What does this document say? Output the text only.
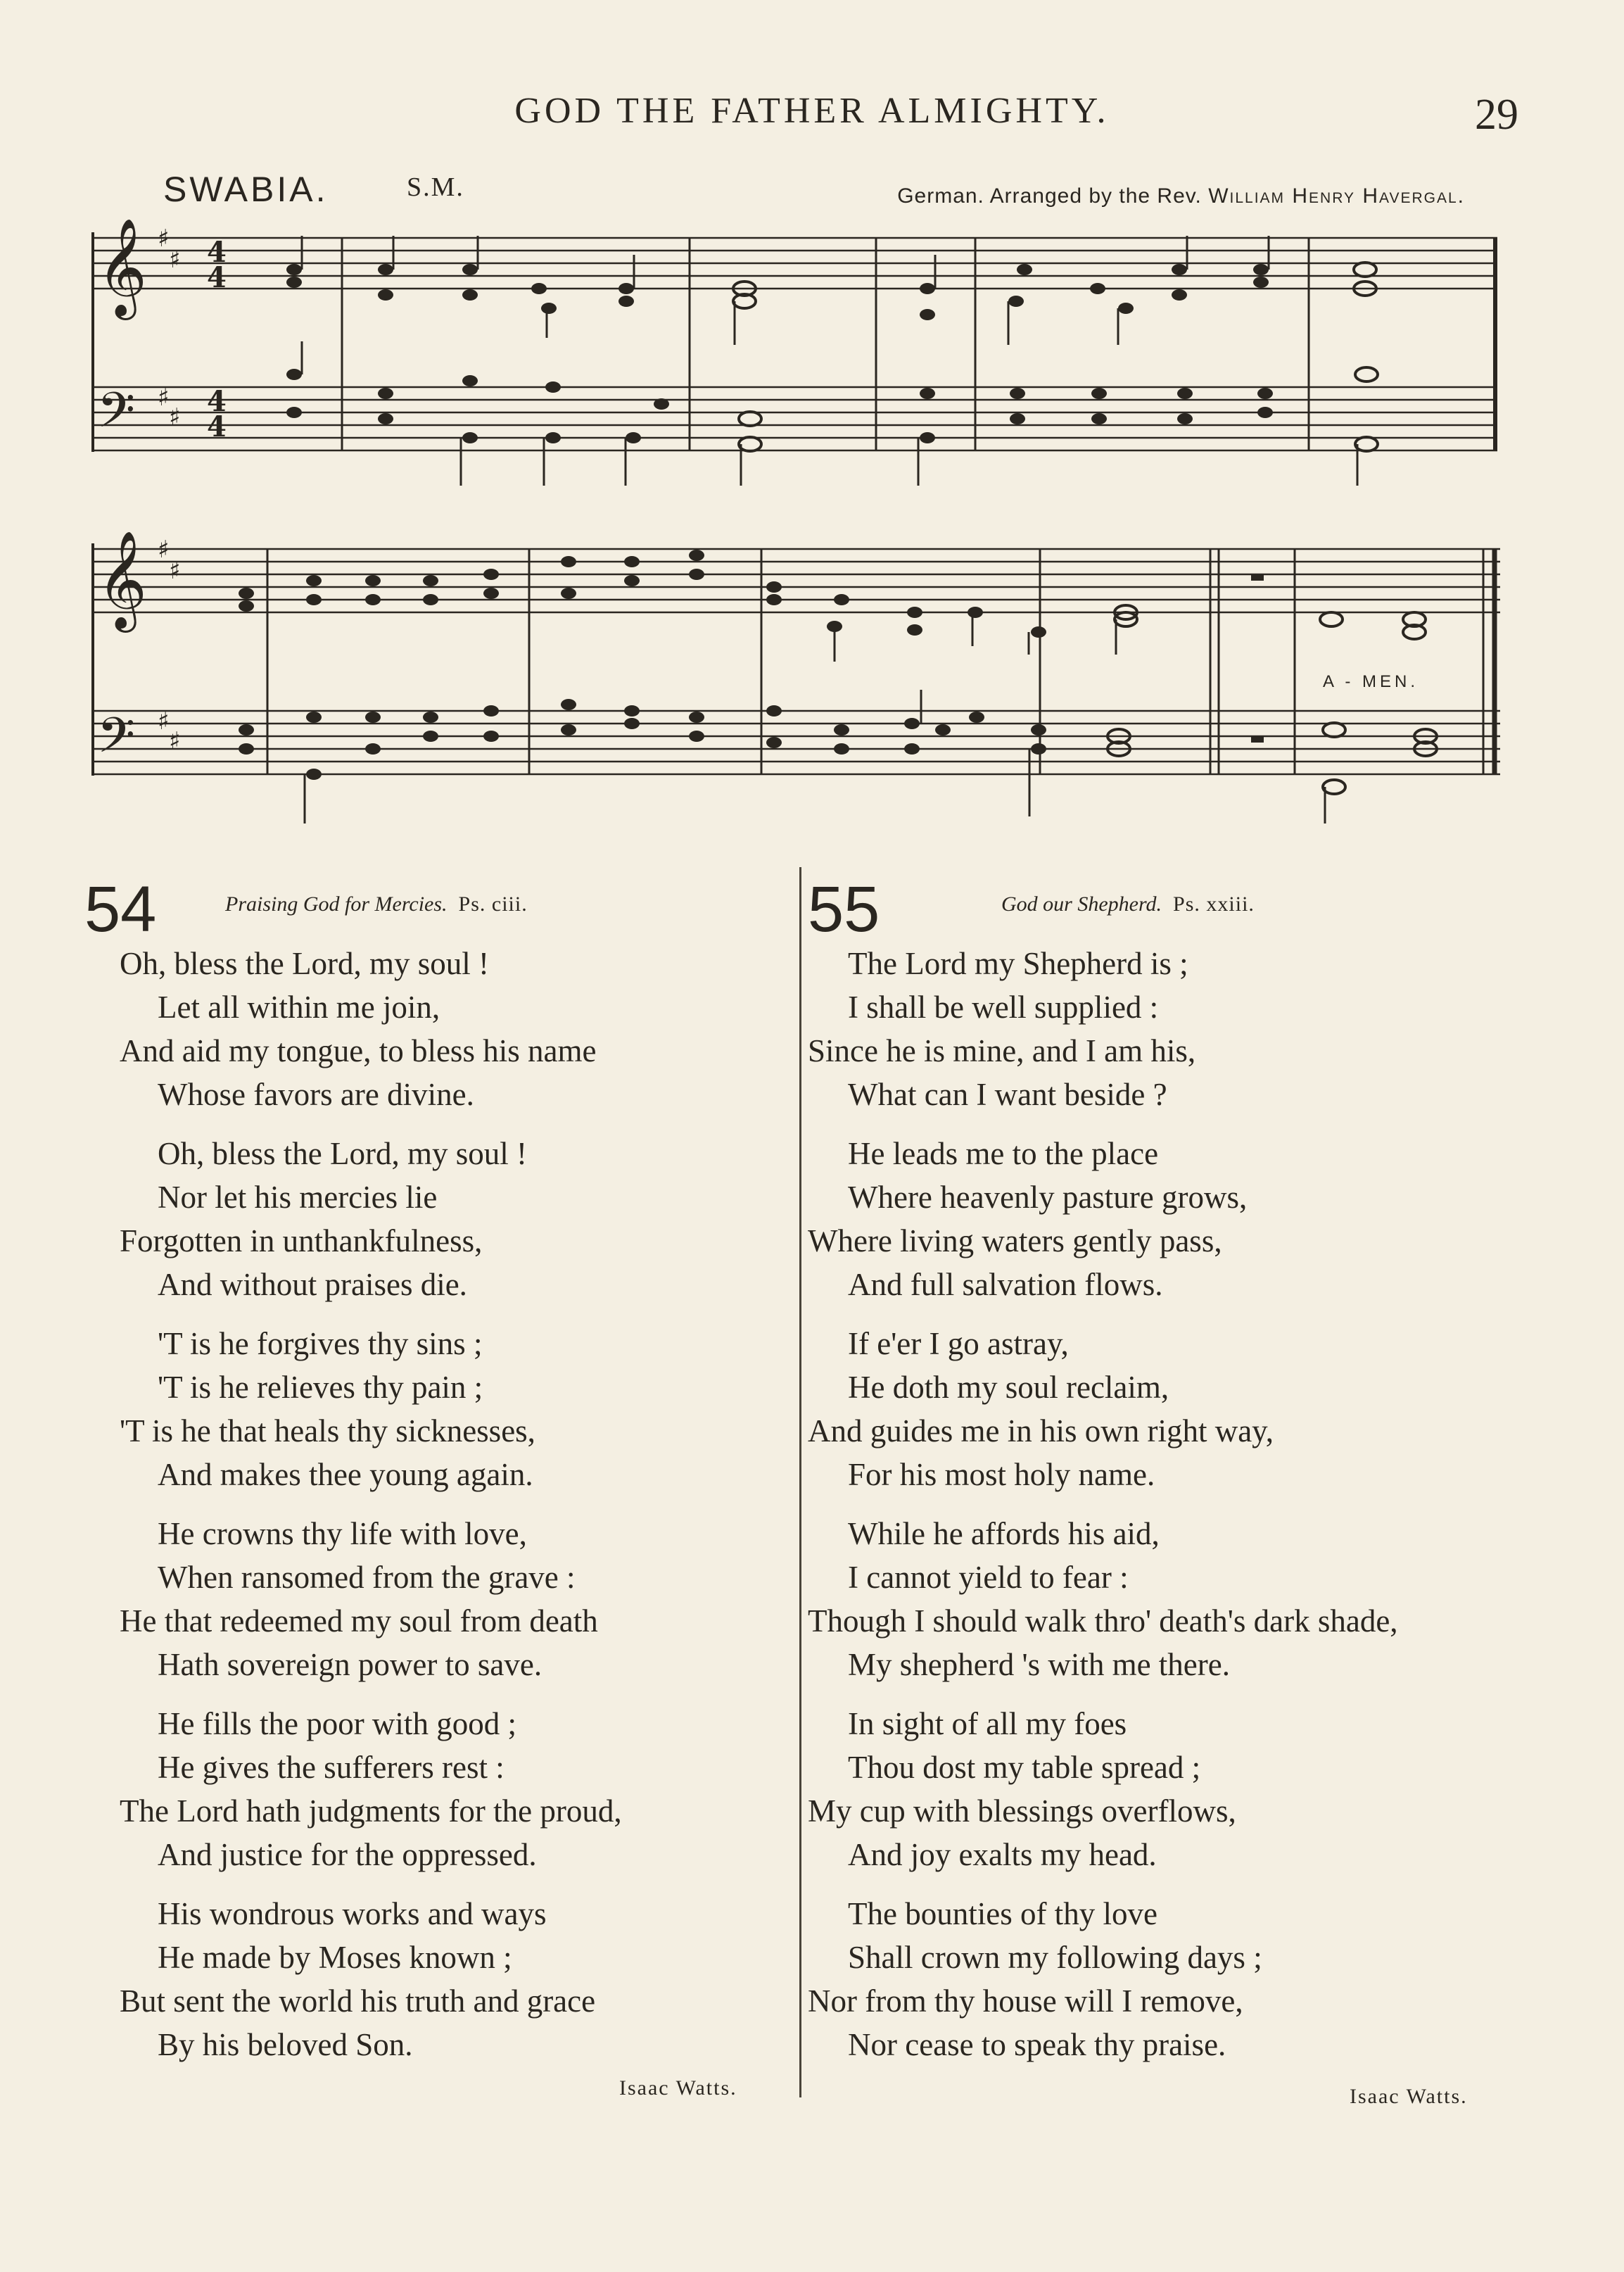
GOD THE FATHER ALMIGHTY.	29
SWABIA.	S.M.	German. Arranged by the Rev. William Henry Havergal.
𝄞
𝄢
♯
♯
♯
♯
4
4
4
4
𝄞
𝄢
♯
♯
♯
♯
A - MEN.
54	Praising God for Mercies. Ps. ciii.
Oh, bless the Lord, my soul !
Let all within me join,
And aid my tongue, to bless his name
Whose favors are divine.
Oh, bless the Lord, my soul !
Nor let his mercies lie
Forgotten in unthankfulness,
And without praises die.
'T is he forgives thy sins ;
'T is he relieves thy pain ;
'T is he that heals thy sicknesses,
And makes thee young again.
He crowns thy life with love,
When ransomed from the grave :
He that redeemed my soul from death
Hath sovereign power to save.
He fills the poor with good ;
He gives the sufferers rest :
The Lord hath judgments for the proud,
And justice for the oppressed.
His wondrous works and ways
He made by Moses known ;
But sent the world his truth and grace
By his beloved Son.
Isaac Watts.
55	God our Shepherd. Ps. xxiii.
The Lord my Shepherd is ;
I shall be well supplied :
Since he is mine, and I am his,
What can I want beside ?
He leads me to the place
Where heavenly pasture grows,
Where living waters gently pass,
And full salvation flows.
If e'er I go astray,
He doth my soul reclaim,
And guides me in his own right way,
For his most holy name.
While he affords his aid,
I cannot yield to fear :
Though I should walk thro' death's dark shade,
My shepherd 's with me there.
In sight of all my foes
Thou dost my table spread ;
My cup with blessings overflows,
And joy exalts my head.
The bounties of thy love
Shall crown my following days ;
Nor from thy house will I remove,
Nor cease to speak thy praise.
Isaac Watts.
